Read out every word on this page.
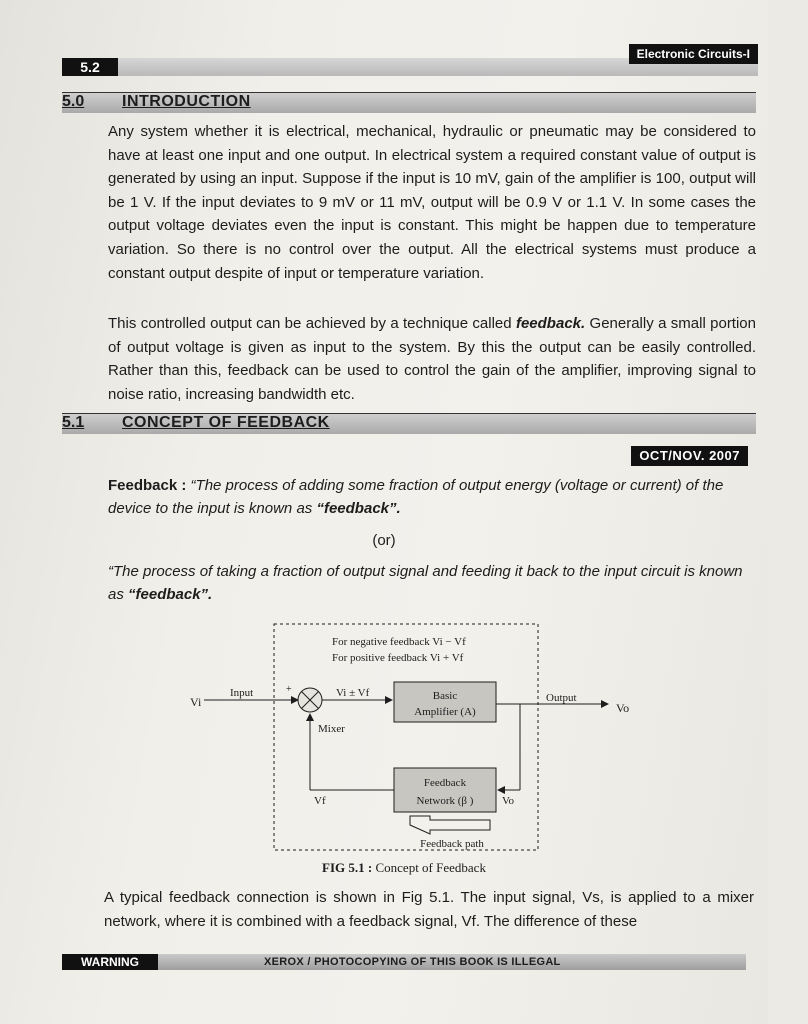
5.2
Electronic Circuits-I
5.0 INTRODUCTION

Any system whether it is electrical, mechanical, hydraulic or pneumatic may be considered to have at least one input and one output. In electrical system a required constant value of output is generated by using an input. Suppose if the input is 10 mV, gain of the amplifier is 100, output will be 1 V. If the input deviates to 9 mV or 11 mV, output will be 0.9 V or 1.1 V. In some cases the output voltage deviates even the input is constant. This might be happen due to temperature variation. So there is no control over the output. All the electrical systems must produce a constant output despite of input or temperature variation.

This controlled output can be achieved by a technique called feedback. Generally a small portion of output voltage is given as input to the system. By this the output can be easily controlled. Rather than this, feedback can be used to control the gain of the amplifier, improving signal to noise ratio, increasing bandwidth etc.

5.1 CONCEPT OF FEEDBACK
OCT/NOV. 2007

Feedback : “The process of adding some fraction of output energy (voltage or current) of the device to the input is known as “feedback”.

(or)

“The process of taking a fraction of output signal and feeding it back to the input circuit is known as “feedback”.

For negative feedback Vi − Vf
For positive feedback Vi + Vf
Vi
Input	+
Mixer
Vi ± Vf	Basic
Amplifier (A)
Output
Vo
Feedback
Network (β )	Vo
Vf
Feedback path
FIG 5.1 : Concept of Feedback

A typical feedback connection is shown in Fig 5.1. The input signal, Vs, is applied to a mixer network, where it is combined with a feedback signal, Vf. The difference of these

WARNING	XEROX / PHOTOCOPYING OF THIS BOOK IS ILLEGAL
